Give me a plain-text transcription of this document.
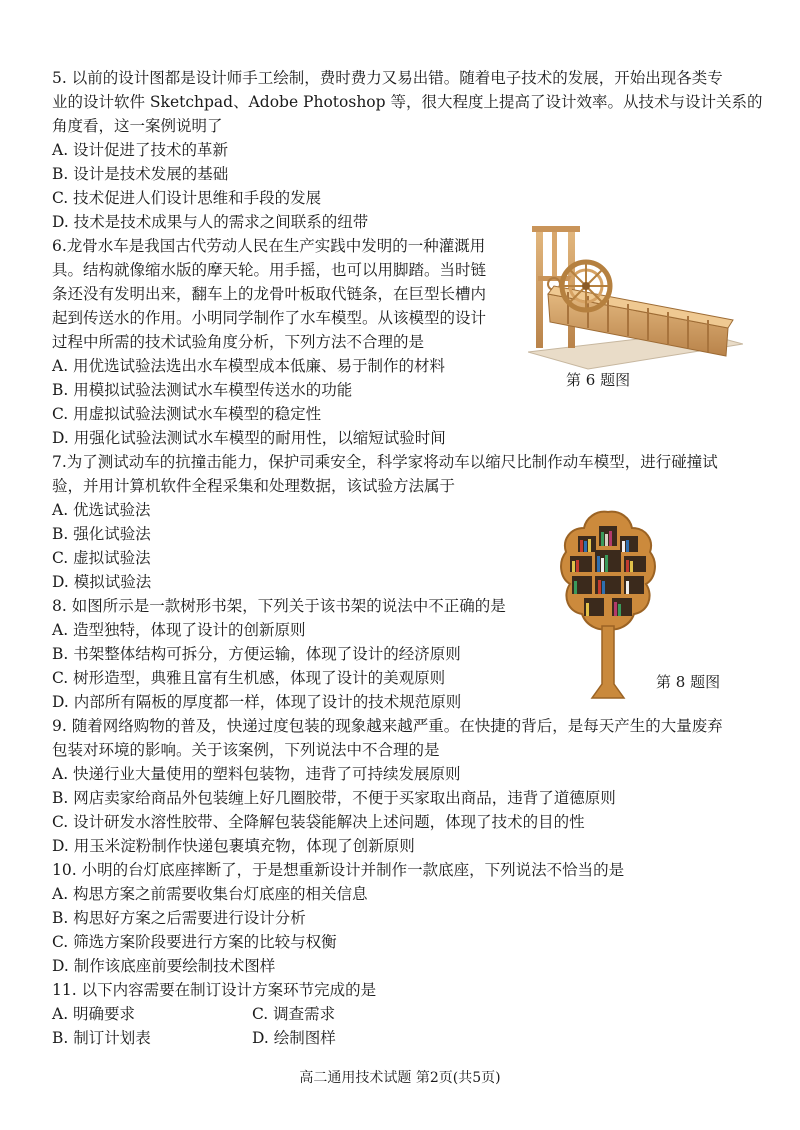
5. 以前的设计图都是设计师手工绘制，费时费力又易出错。随着电子技术的发展，开始出现各类专
业的设计软件 Sketchpad、Adobe Photoshop 等，很大程度上提高了设计效率。从技术与设计关系的
角度看，这一案例说明了
A. 设计促进了技术的革新
B. 设计是技术发展的基础
C. 技术促进人们设计思维和手段的发展
D. 技术是技术成果与人的需求之间联系的纽带
6.龙骨水车是我国古代劳动人民在生产实践中发明的一种灌溉用
具。结构就像缩水版的摩天轮。用手摇，也可以用脚踏。当时链
条还没有发明出来，翻车上的龙骨叶板取代链条，在巨型长槽内
起到传送水的作用。小明同学制作了水车模型。从该模型的设计
过程中所需的技术试验角度分析，下列方法不合理的是
A. 用优选试验法选出水车模型成本低廉、易于制作的材料
B. 用模拟试验法测试水车模型传送水的功能
C. 用虚拟试验法测试水车模型的稳定性
D. 用强化试验法测试水车模型的耐用性，以缩短试验时间
第 6 题图
7.为了测试动车的抗撞击能力，保护司乘安全，科学家将动车以缩尺比制作动车模型，进行碰撞试
验，并用计算机软件全程采集和处理数据，该试验方法属于
A. 优选试验法
B. 强化试验法
C. 虚拟试验法
D. 模拟试验法
第 8 题图
8. 如图所示是一款树形书架，下列关于该书架的说法中不正确的是
A. 造型独特，体现了设计的创新原则
B. 书架整体结构可拆分，方便运输，体现了设计的经济原则
C. 树形造型，典雅且富有生机感，体现了设计的美观原则
D. 内部所有隔板的厚度都一样，体现了设计的技术规范原则
9. 随着网络购物的普及，快递过度包装的现象越来越严重。在快捷的背后，是每天产生的大量废弃
包装对环境的影响。关于该案例，下列说法中不合理的是
A. 快递行业大量使用的塑料包装物，违背了可持续发展原则
B. 网店卖家给商品外包装缠上好几圈胶带，不便于买家取出商品，违背了道德原则
C. 设计研发水溶性胶带、全降解包装袋能解决上述问题，体现了技术的目的性
D. 用玉米淀粉制作快递包裹填充物，体现了创新原则
10. 小明的台灯底座摔断了，于是想重新设计并制作一款底座，下列说法不恰当的是
A. 构思方案之前需要收集台灯底座的相关信息
B. 构思好方案之后需要进行设计分析
C. 筛选方案阶段要进行方案的比较与权衡
D. 制作该底座前要绘制技术图样
11. 以下内容需要在制订设计方案环节完成的是
A. 明确要求	C. 调查需求
B. 制订计划表	D. 绘制图样
高二通用技术试题 第2页(共5页)
